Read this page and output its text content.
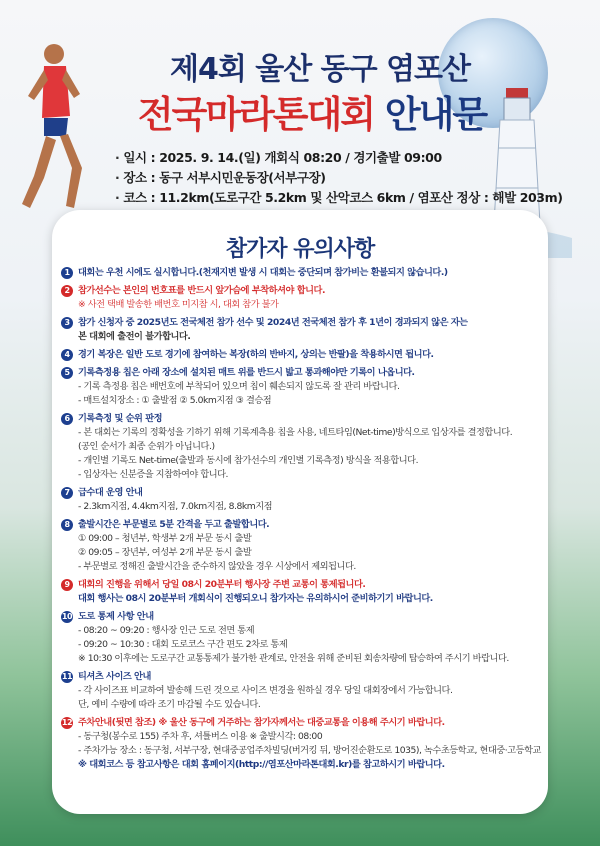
제4회 울산 동구 염포산
전국마라톤대회 안내문
· 일시 : 2025. 9. 14.(일) 개회식 08:20 / 경기출발 09:00
· 장소 : 동구 서부시민운동장(서부구장)
· 코스 : 11.2km(도로구간 5.2km 및 산악코스 6km / 염포산 정상 : 해발 203m)
참가자 유의사항
1 대회는 우천 시에도 실시합니다.(천재지변 발생 시 대회는 중단되며 참가비는 환불되지 않습니다.)
2 참가선수는 본인의 번호표를 반드시 앞가슴에 부착하셔야 합니다.
※ 사전 택배 발송한 배번호 미지참 시, 대회 참가 불가
3 참가 신청자 중 2025년도 전국체전 참가 선수 및 2024년 전국체전 참가 후 1년이 경과되지 않은 자는
본 대회에 출전이 불가합니다.
4 경기 복장은 일반 도로 경기에 참여하는 복장(하의 반바지, 상의는 반팔)을 착용하시면 됩니다.
5 기록측정용 칩은 아래 장소에 설치된 매트 위를 반드시 밟고 통과해야만 기록이 나옵니다.
- 기록 측정용 칩은 배번호에 부착되어 있으며 칩이 훼손되지 않도록 잘 관리 바랍니다.
- 매트설치장소 : ① 출발점 ② 5.0km지점 ③ 결승점
6 기록측정 및 순위 판정
- 본 대회는 기록의 정확성을 기하기 위해 기록계측용 칩을 사용, 네트타임(Net-time)방식으로 입상자를 결정합니다.
(공인 순서가 최종 순위가 아닙니다.)
- 개인별 기록도 Net-time(출발과 동시에 참가선수의 개인별 기록측정) 방식을 적용합니다.
- 입상자는 신분증을 지참하여야 합니다.
7 급수대 운영 안내
- 2.3km지점, 4.4km지점, 7.0km지점, 8.8km지점
8 출발시간은 부문별로 5분 간격을 두고 출발합니다.
① 09:00 – 청년부, 학생부 2개 부문 동시 출발
② 09:05 – 장년부, 여성부 2개 부문 동시 출발
- 부문별로 정해진 출발시간을 준수하지 않았을 경우 시상에서 제외됩니다.
9 대회의 진행을 위해서 당일 08시 20분부터 행사장 주변 교통이 통제됩니다.
대회 행사는 08시 20분부터 개회식이 진행되오니 참가자는 유의하시어 준비하기기 바랍니다.
10 도로 통제 사항 안내
- 08:20 ~ 09:20 : 행사장 인근 도로 전면 통제
- 09:20 ~ 10:30 : 대회 도로코스 구간 편도 2차로 통제
※ 10:30 이후에는 도로구간 교통통제가 불가한 관계로, 안전을 위해 준비된 회송차량에 탑승하여 주시기 바랍니다.
11 티셔츠 사이즈 안내
- 각 사이즈표 비교하여 발송해 드린 것으로 사이즈 변경을 원하실 경우 당일 대회장에서 가능합니다.
단, 예비 수량에 따라 조기 마감될 수도 있습니다.
12 주차안내(뒷면 참조) ※ 울산 동구에 거주하는 참가자께서는 대중교통을 이용해 주시기 바랍니다.
- 동구청(봉수로 155) 주차 후, 셔틀버스 이용 ※ 출발시각: 08:00
- 주차가능 장소 : 동구청, 서부구장, 현대중공업주차빌딩(버거킹 뒤, 방어진순환도로 1035), 녹수초등학교, 현대중·고등학교
※ 대회코스 등 참고사항은 대회 홈페이지(http://염포산마라톤대회.kr)를 참고하시기 바랍니다.
